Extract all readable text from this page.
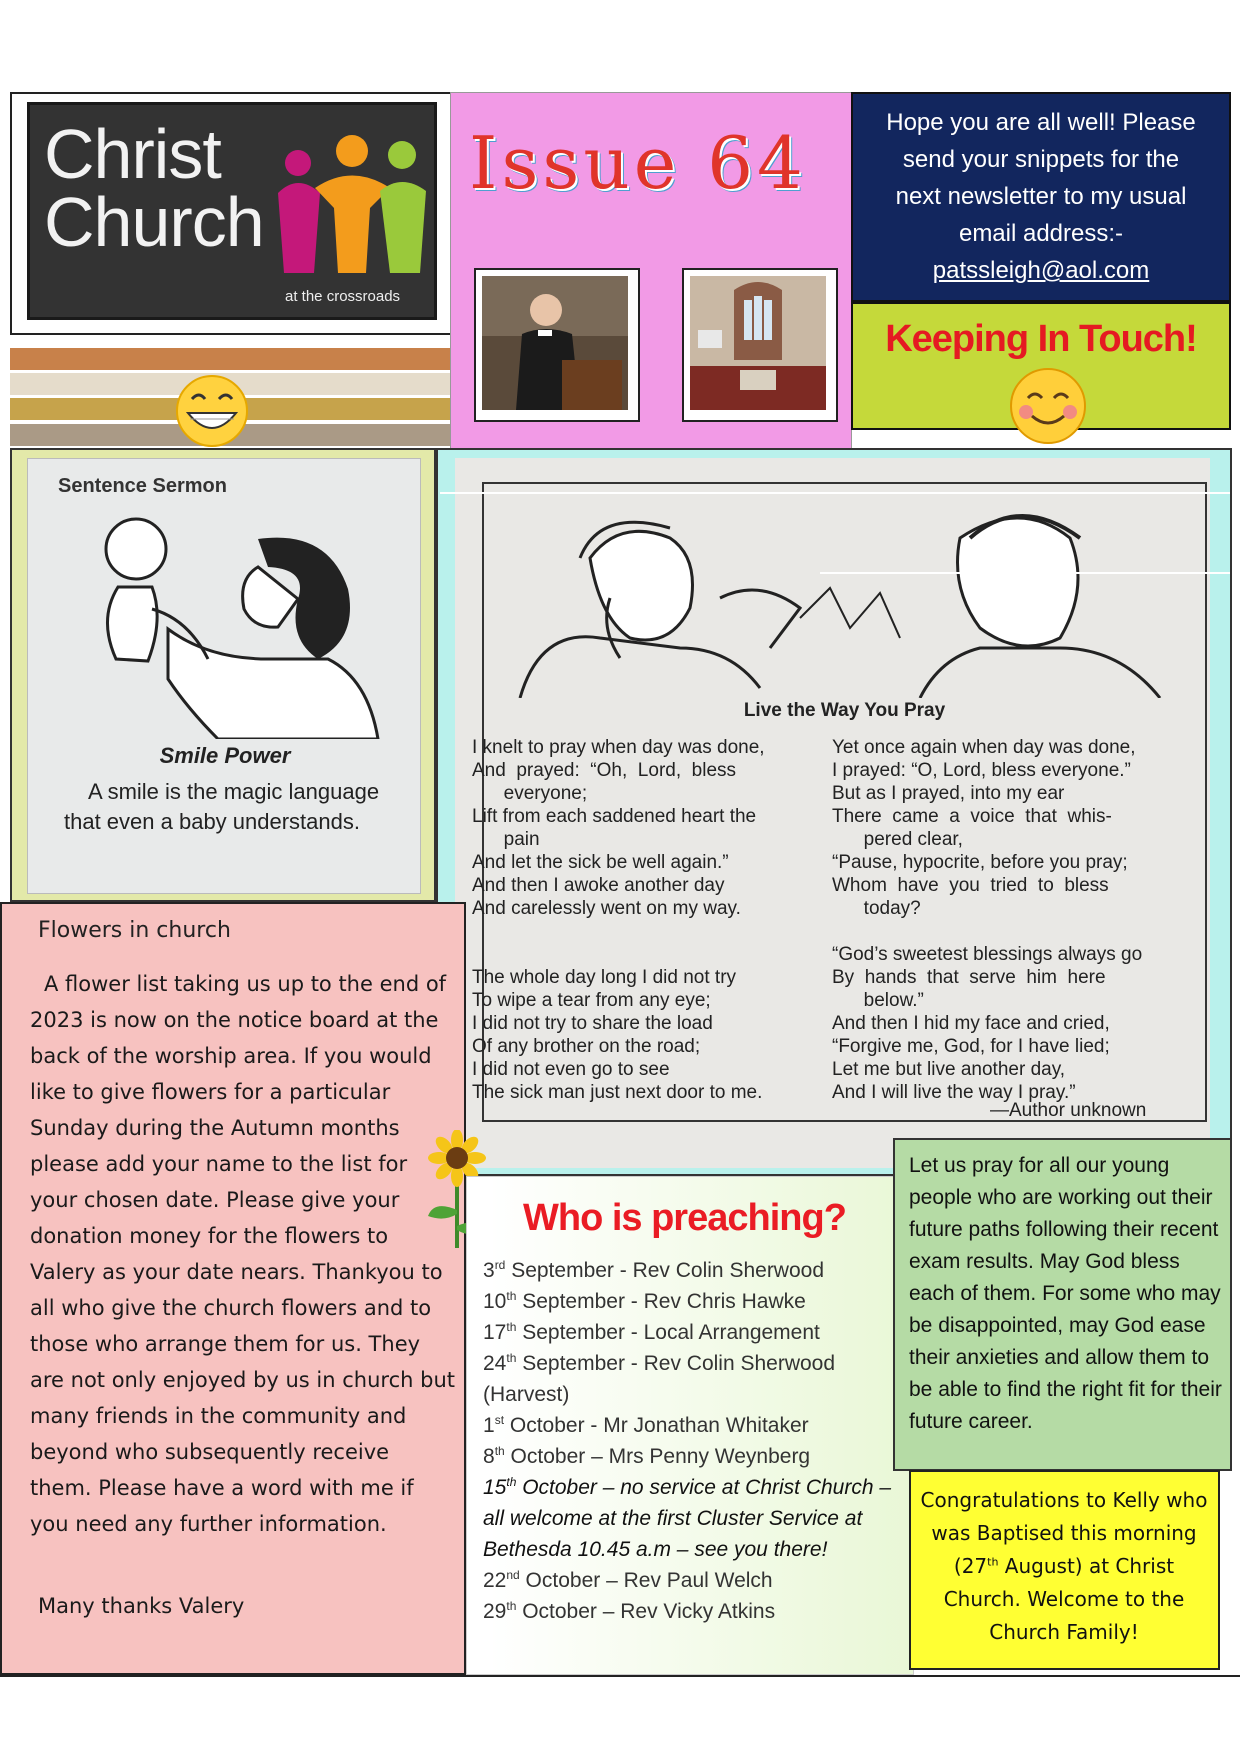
Christ
Church
at the crossroads
Issue 64	Hope you are all well! Please
send your snippets for the
next newsletter to my usual
email address:-
patssleigh@aol.com
Keeping In Touch!
Sentence Sermon
Smile Power
A smile is the magic language
that even a baby understands.
Live the Way You Pray
I knelt to pray when day was done,
And  prayed:  “Oh,  Lord,  bless
everyone;
Lift from each saddened heart the
pain
And let the sick be well again.”
And then I awoke another day
And carelessly went on my way.

The whole day long I did not try
To wipe a tear from any eye;
I did not try to share the load
Of any brother on the road;
I did not even go to see
The sick man just next door to me.
Yet once again when day was done,
I prayed: “O, Lord, bless everyone.”
But as I prayed, into my ear
There  came  a  voice  that  whis-
pered clear,
“Pause, hypocrite, before you pray;
Whom  have  you  tried  to  bless
today?

“God’s sweetest blessings always go
By  hands  that  serve  him  here
below.”
And then I hid my face and cried,
“Forgive me, God, for I have lied;
Let me but live another day,
And I will live the way I pray.”
—Author unknown
Flowers in church
A flower list taking us up to the end of 2023 is now on the notice board at the back of the worship area. If you would like to give flowers for a particular Sunday during the Autumn months please add your name to the list for your chosen date. Please give your donation money for the flowers to Valery as your date nears. Thankyou to all who give the church flowers and to those who arrange them for us. They are not only enjoyed by us in church but many friends in the community and beyond who subsequently receive them. Please have a word with me if you need any further information.
Many thanks Valery
Who is preaching?
3rd September - Rev Colin Sherwood
10th September - Rev Chris Hawke
17th September - Local Arrangement
24th September - Rev Colin Sherwood (Harvest)
1st October - Mr Jonathan Whitaker
8th October – Mrs Penny Weynberg
15th October – no service at Christ Church – all welcome at the first Cluster Service at Bethesda 10.45 a.m – see you there!
22nd October – Rev Paul Welch
29th October – Rev Vicky Atkins
Let us pray for all our young people who are working out their future paths following their recent exam results. May God bless each of them. For some who may be disappointed, may God ease their anxieties and allow them to be able to find the right fit for their future career.
Congratulations to Kelly who was Baptised this morning (27th August) at Christ Church. Welcome to the Church Family!
